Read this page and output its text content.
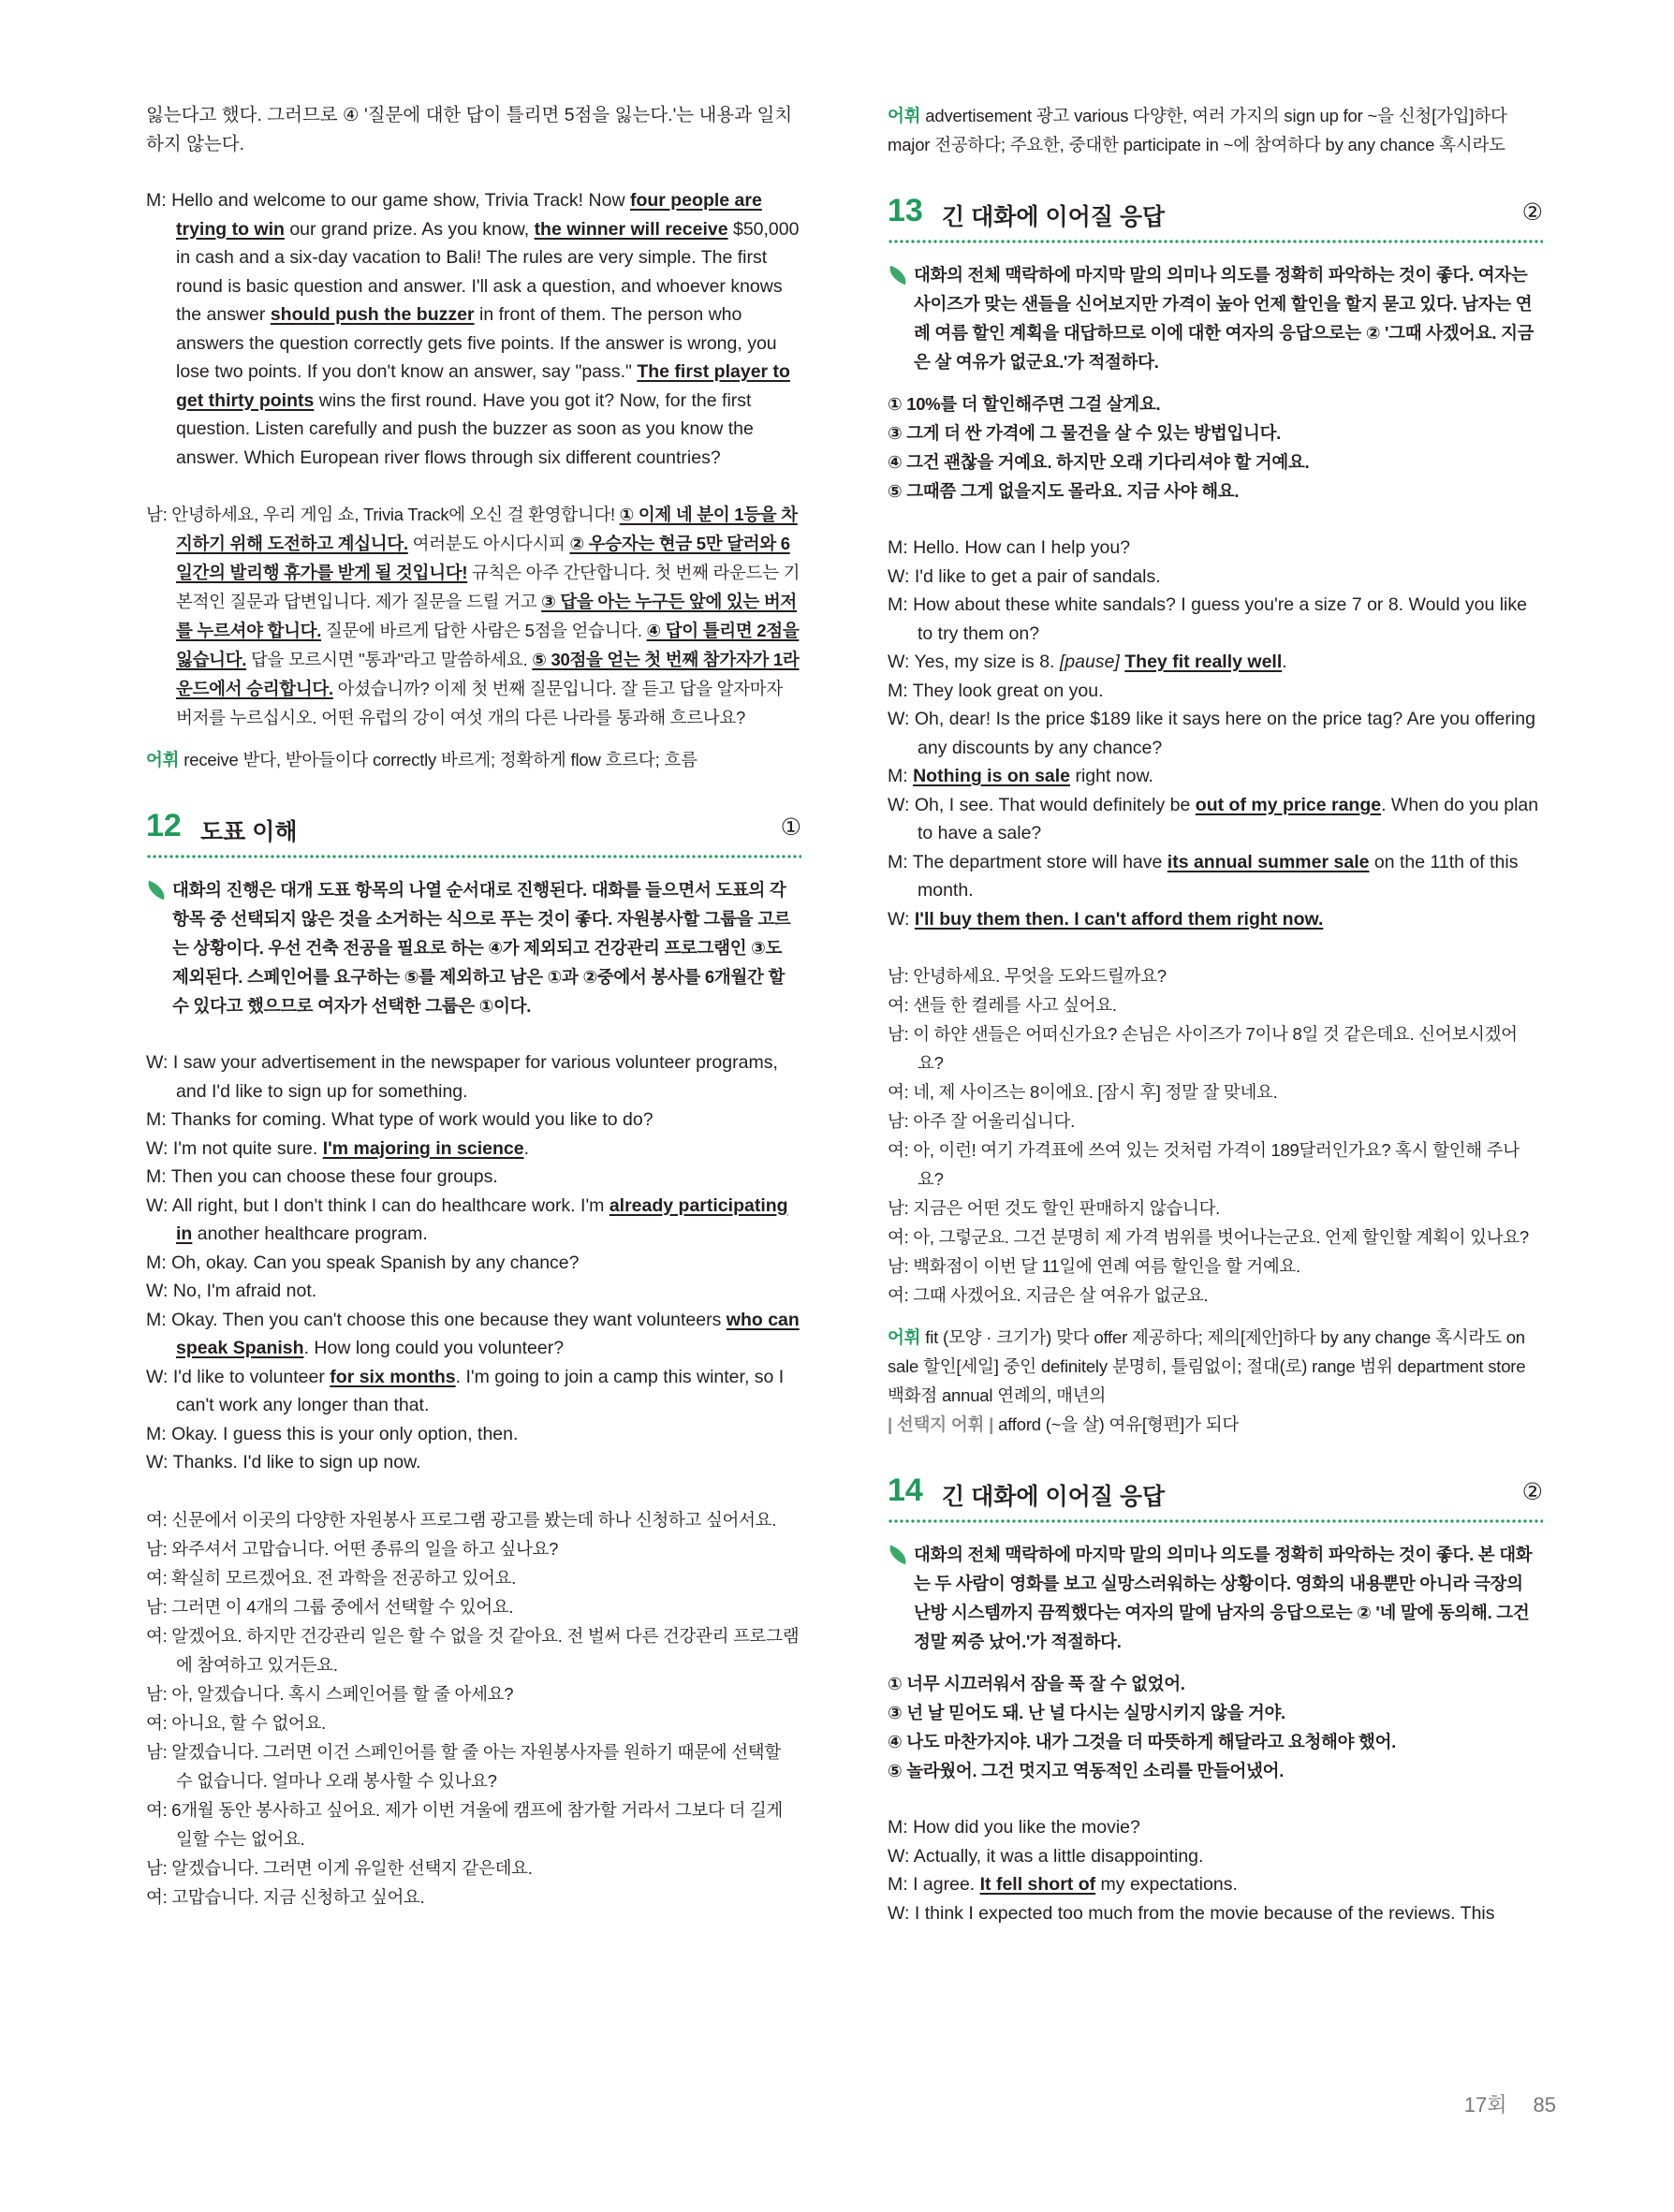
잃는다고 했다. 그러므로 ④ '질문에 대한 답이 틀리면 5점을 잃는다.'는 내용과 일치

하지 않는다.

M: Hello and welcome to our game show, Trivia Track! Now four people are trying to win our grand prize. As you know, the winner will receive $50,000 in cash and a six-day vacation to Bali! The rules are very simple. The first round is basic question and answer. I'll ask a question, and whoever knows the answer should push the buzzer in front of them. The person who answers the question correctly gets five points. If the answer is wrong, you lose two points. If you don't know an answer, say "pass." The first player to get thirty points wins the first round. Have you got it? Now, for the first question. Listen carefully and push the buzzer as soon as you know the answer. Which European river flows through six different countries?

남: 안녕하세요, 우리 게임 쇼, Trivia Track에 오신 걸 환영합니다! ① 이제 네 분이 1등을 차지하기 위해 도전하고 계십니다. 여러분도 아시다시피 ② 우승자는 현금 5만 달러와 6일간의 발리행 휴가를 받게 될 것입니다! 규칙은 아주 간단합니다. 첫 번째 라운드는 기본적인 질문과 답변입니다. 제가 질문을 드릴 거고 ③ 답을 아는 누구든 앞에 있는 버저를 누르셔야 합니다. 질문에 바르게 답한 사람은 5점을 얻습니다. ④ 답이 틀리면 2점을 잃습니다. 답을 모르시면 "통과"라고 말씀하세요. ⑤ 30점을 얻는 첫 번째 참가자가 1라운드에서 승리합니다. 아셨습니까? 이제 첫 번째 질문입니다. 잘 듣고 답을 알자마자 버저를 누르십시오. 어떤 유럽의 강이 여섯 개의 다른 나라를 통과해 흐르나요?

어휘 receive 받다, 받아들이다 correctly 바르게; 정확하게 flow 흐르다; 흐름

12 도표 이해	①

대화의 진행은 대개 도표 항목의 나열 순서대로 진행된다. 대화를 들으면서 도표의 각 항목 중 선택되지 않은 것을 소거하는 식으로 푸는 것이 좋다. 자원봉사할 그룹을 고르는 상황이다. 우선 건축 전공을 필요로 하는 ④가 제외되고 건강관리 프로그램인 ③도 제외된다. 스페인어를 요구하는 ⑤를 제외하고 남은 ①과 ②중에서 봉사를 6개월간 할 수 있다고 했으므로 여자가 선택한 그룹은 ①이다.

W: I saw your advertisement in the newspaper for various volunteer programs, and I'd like to sign up for something.

M: Thanks for coming. What type of work would you like to do?

W: I'm not quite sure. I'm majoring in science.

M: Then you can choose these four groups.

W: All right, but I don't think I can do healthcare work. I'm already participating in another healthcare program.

M: Oh, okay. Can you speak Spanish by any chance?

W: No, I'm afraid not.

M: Okay. Then you can't choose this one because they want volunteers who can speak Spanish. How long could you volunteer?

W: I'd like to volunteer for six months. I'm going to join a camp this winter, so I can't work any longer than that.

M: Okay. I guess this is your only option, then.

W: Thanks. I'd like to sign up now.

여: 신문에서 이곳의 다양한 자원봉사 프로그램 광고를 봤는데 하나 신청하고 싶어서요.

남: 와주셔서 고맙습니다. 어떤 종류의 일을 하고 싶나요?

여: 확실히 모르겠어요. 전 과학을 전공하고 있어요.

남: 그러면 이 4개의 그룹 중에서 선택할 수 있어요.

여: 알겠어요. 하지만 건강관리 일은 할 수 없을 것 같아요. 전 벌써 다른 건강관리 프로그램에 참여하고 있거든요.

남: 아, 알겠습니다. 혹시 스페인어를 할 줄 아세요?

여: 아니요, 할 수 없어요.

남: 알겠습니다. 그러면 이건 스페인어를 할 줄 아는 자원봉사자를 원하기 때문에 선택할 수 없습니다. 얼마나 오래 봉사할 수 있나요?

여: 6개월 동안 봉사하고 싶어요. 제가 이번 겨울에 캠프에 참가할 거라서 그보다 더 길게 일할 수는 없어요.

남: 알겠습니다. 그러면 이게 유일한 선택지 같은데요.

여: 고맙습니다. 지금 신청하고 싶어요.

어휘 advertisement 광고 various 다양한, 여러 가지의 sign up for ~을 신청[가입]하다 major 전공하다; 주요한, 중대한 participate in ~에 참여하다 by any chance 혹시라도

13 긴 대화에 이어질 응답	②

대화의 전체 맥락하에 마지막 말의 의미나 의도를 정확히 파악하는 것이 좋다. 여자는 사이즈가 맞는 샌들을 신어보지만 가격이 높아 언제 할인을 할지 묻고 있다. 남자는 연례 여름 할인 계획을 대답하므로 이에 대한 여자의 응답으로는 ② '그때 사겠어요. 지금은 살 여유가 없군요.'가 적절하다.

① 10%를 더 할인해주면 그걸 살게요.

③ 그게 더 싼 가격에 그 물건을 살 수 있는 방법입니다.

④ 그건 괜찮을 거예요. 하지만 오래 기다리셔야 할 거예요.

⑤ 그때쯤 그게 없을지도 몰라요. 지금 사야 해요.

M: Hello. How can I help you?

W: I'd like to get a pair of sandals.

M: How about these white sandals? I guess you're a size 7 or 8. Would you like to try them on?

W: Yes, my size is 8. [pause] They fit really well.

M: They look great on you.

W: Oh, dear! Is the price $189 like it says here on the price tag? Are you offering any discounts by any chance?

M: Nothing is on sale right now.

W: Oh, I see. That would definitely be out of my price range. When do you plan to have a sale?

M: The department store will have its annual summer sale on the 11th of this month.

W: I'll buy them then. I can't afford them right now.

남: 안녕하세요. 무엇을 도와드릴까요?

여: 샌들 한 켤레를 사고 싶어요.

남: 이 하얀 샌들은 어떠신가요? 손님은 사이즈가 7이나 8일 것 같은데요. 신어보시겠어요?

여: 네, 제 사이즈는 8이에요. [잠시 후] 정말 잘 맞네요.

남: 아주 잘 어울리십니다.

여: 아, 이런! 여기 가격표에 쓰여 있는 것처럼 가격이 189달러인가요? 혹시 할인해 주나요?

남: 지금은 어떤 것도 할인 판매하지 않습니다.

여: 아, 그렇군요. 그건 분명히 제 가격 범위를 벗어나는군요. 언제 할인할 계획이 있나요?

남: 백화점이 이번 달 11일에 연례 여름 할인을 할 거예요.

여: 그때 사겠어요. 지금은 살 여유가 없군요.

어휘 fit (모양 · 크기가) 맞다 offer 제공하다; 제의[제안]하다 by any change 혹시라도 on sale 할인[세일] 중인 definitely 분명히, 틀림없이; 절대(로) range 범위 department store 백화점 annual 연례의, 매년의

| 선택지 어휘 | afford (~을 살) 여유[형편]가 되다

14 긴 대화에 이어질 응답	②

대화의 전체 맥락하에 마지막 말의 의미나 의도를 정확히 파악하는 것이 좋다. 본 대화는 두 사람이 영화를 보고 실망스러워하는 상황이다. 영화의 내용뿐만 아니라 극장의 난방 시스템까지 끔찍했다는 여자의 말에 남자의 응답으로는 ② '네 말에 동의해. 그건 정말 찌증 났어.'가 적절하다.

① 너무 시끄러워서 잠을 푹 잘 수 없었어.

③ 넌 날 믿어도 돼. 난 널 다시는 실망시키지 않을 거야.

④ 나도 마찬가지야. 내가 그것을 더 따뜻하게 해달라고 요청해야 했어.

⑤ 놀라웠어. 그건 멋지고 역동적인 소리를 만들어냈어.

M: How did you like the movie?

W: Actually, it was a little disappointing.

M: I agree. It fell short of my expectations.

W: I think I expected too much from the movie because of the reviews. This

17회 85
